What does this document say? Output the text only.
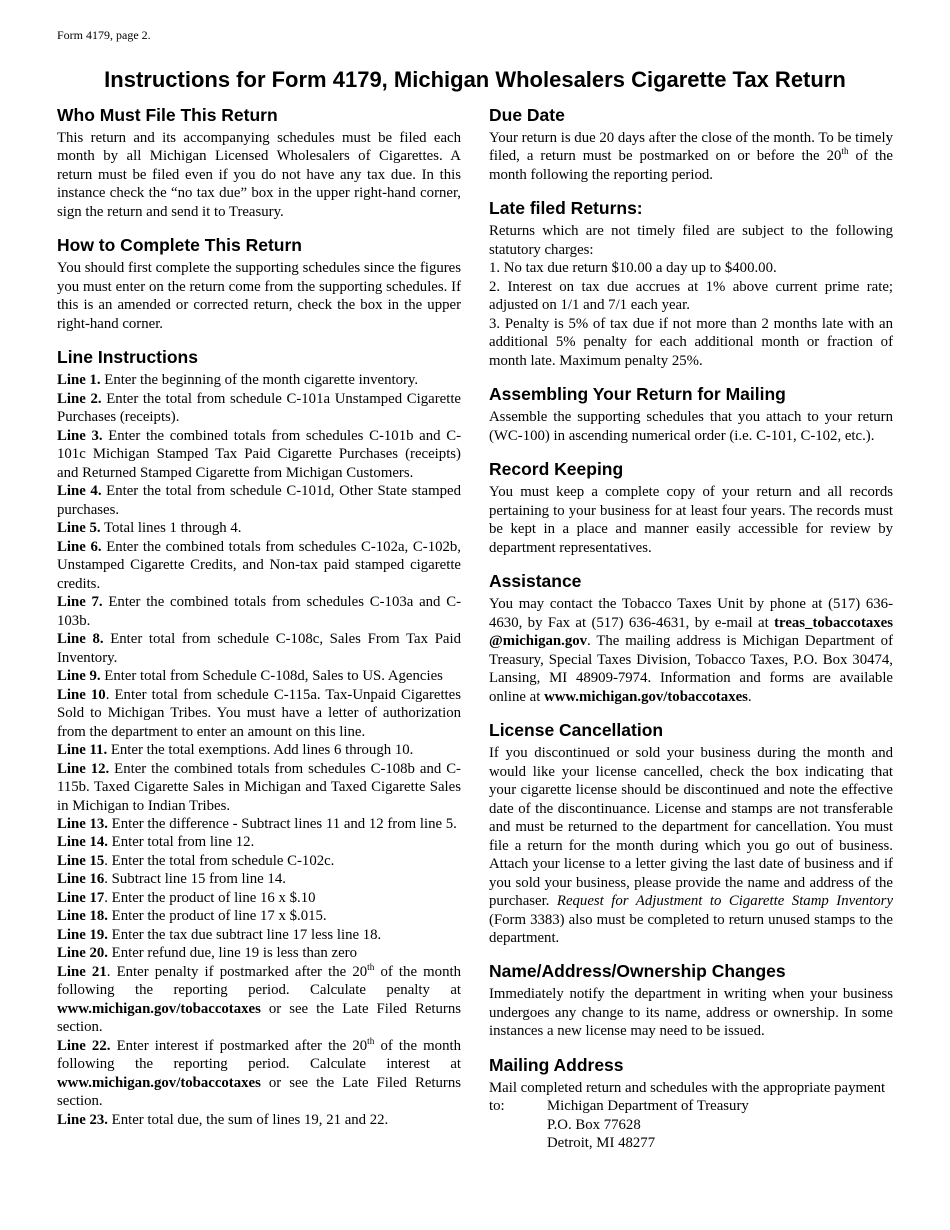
Form 4179, page 2.
Instructions for Form 4179, Michigan Wholesalers Cigarette Tax Return
Who Must File This Return

This return and its accompanying schedules must be filed each month by all Michigan Licensed Wholesalers of Cigarettes. A return must be filed even if you do not have any tax due. In this instance check the “no tax due” box in the upper right-hand corner, sign the return and send it to Treasury.

How to Complete This Return

You should first complete the supporting schedules since the figures you must enter on the return come from the supporting schedules. If this is an amended or corrected return, check the box in the upper right-hand corner.

Line Instructions

Line 1. Enter the beginning of the month cigarette inventory.

Line 2. Enter the total from schedule C-101a Unstamped Cigarette Purchases (receipts).

Line 3. Enter the combined totals from schedules C-101b and C-101c Michigan Stamped Tax Paid Cigarette Purchases (receipts) and Returned Stamped Cigarette from Michigan Customers.

Line 4. Enter the total from schedule C-101d, Other State stamped purchases.

Line 5. Total lines 1 through 4.

Line 6. Enter the combined totals from schedules C-102a, C-102b, Unstamped Cigarette Credits, and Non-tax paid stamped cigarette credits.

Line 7. Enter the combined totals from schedules C-103a and C-103b.

Line 8. Enter total from schedule C-108c, Sales From Tax Paid Inventory.

Line 9. Enter total from Schedule C-108d, Sales to US. Agencies

Line 10. Enter total from schedule C-115a. Tax-Unpaid Cigarettes Sold to Michigan Tribes. You must have a letter of authorization from the department to enter an amount on this line.

Line 11. Enter the total exemptions. Add lines 6 through 10.

Line 12. Enter the combined totals from schedules C-108b and C-115b. Taxed Cigarette Sales in Michigan and Taxed Cigarette Sales in Michigan to Indian Tribes.

Line 13. Enter the difference - Subtract lines 11 and 12 from line 5.

Line 14. Enter total from line 12.

Line 15. Enter the total from schedule C-102c.

Line 16. Subtract line 15 from line 14.

Line 17. Enter the product of line 16 x $.10

Line 18. Enter the product of line 17 x $.015.

Line 19. Enter the tax due subtract line 17 less line 18.

Line 20. Enter refund due, line 19 is less than zero

Line 21. Enter penalty if postmarked after the 20th of the month following the reporting period. Calculate penalty at www.michigan.gov/tobaccotaxes or see the Late Filed Returns section.

Line 22. Enter interest if postmarked after the 20th of the month following the reporting period. Calculate interest at www.michigan.gov/tobaccotaxes or see the Late Filed Returns section.

Line 23. Enter total due, the sum of lines 19, 21 and 22.

Due Date

Your return is due 20 days after the close of the month. To be timely filed, a return must be postmarked on or before the 20th of the month following the reporting period.

Late filed Returns:

Returns which are not timely filed are subject to the following statutory charges:

1. No tax due return $10.00 a day up to $400.00.

2. Interest on tax due accrues at 1% above current prime rate; adjusted on 1/1 and 7/1 each year.

3. Penalty is 5% of tax due if not more than 2 months late with an additional 5% penalty for each additional month or fraction of month late. Maximum penalty 25%.

Assembling Your Return for Mailing

Assemble the supporting schedules that you attach to your return (WC-100) in ascending numerical order (i.e. C-101, C-102, etc.).

Record Keeping

You must keep a complete copy of your return and all records pertaining to your business for at least four years. The records must be kept in a place and manner easily accessible for review by department representatives.

Assistance

You may contact the Tobacco Taxes Unit by phone at (517) 636-4630, by Fax at (517) 636-4631, by e-mail at treas_tobaccotaxes @michigan.gov. The mailing address is Michigan Department of Treasury, Special Taxes Division, Tobacco Taxes, P.O. Box 30474, Lansing, MI 48909-7974. Information and forms are available online at www.michigan.gov/tobaccotaxes.

License Cancellation

If you discontinued or sold your business during the month and would like your license cancelled, check the box indicating that your cigarette license should be discontinued and note the effective date of the discontinuance. License and stamps are not transferable and must be returned to the department for cancellation. You must file a return for the month during which you go out of business. Attach your license to a letter giving the last date of business and if you sold your business, please provide the name and address of the purchaser. Request for Adjustment to Cigarette Stamp Inventory (Form 3383) also must be completed to return unused stamps to the department.

Name/Address/Ownership Changes

Immediately notify the department in writing when your business undergoes any change to its name, address or ownership. In some instances a new license may need to be issued.

Mailing Address

Mail completed return and schedules with the appropriate payment

to:	Michigan Department of Treasury
P.O. Box 77628
Detroit, MI 48277
